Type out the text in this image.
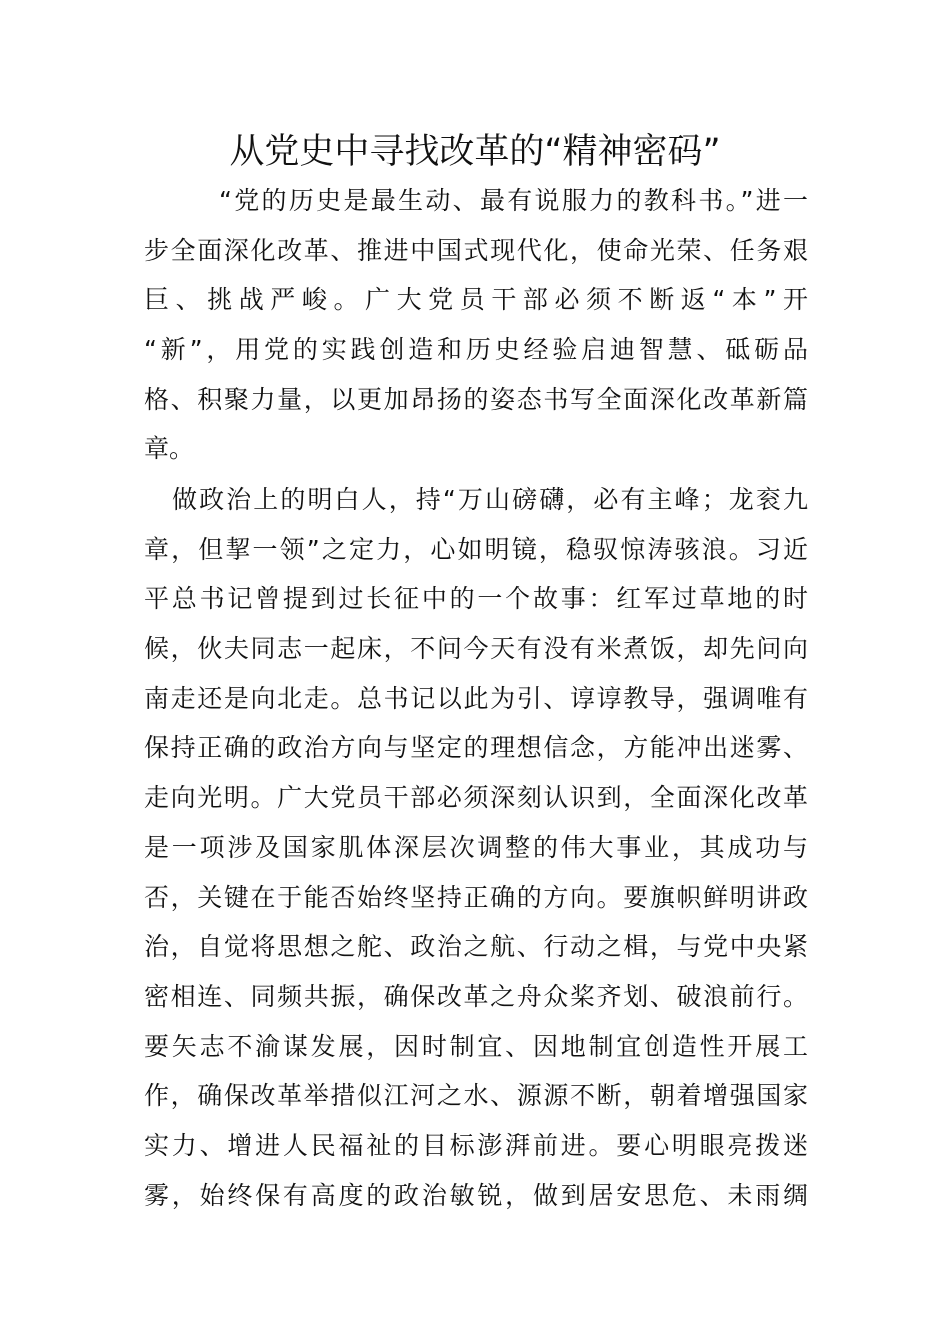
从党史中寻找改革的“精神密码”
“党的历史是最生动、最有说服力的教科书。”进一
步全面深化改革、推进中国式现代化，使命光荣、任务艰
巨、挑战严峻。广大党员干部必须不断返“本”开
“新”，用党的实践创造和历史经验启迪智慧、砥砺品
格、积聚力量，以更加昂扬的姿态书写全面深化改革新篇
章。
做政治上的明白人，持“万山磅礴，必有主峰；龙衮九
章，但挈一领”之定力，心如明镜，稳驭惊涛骇浪。习近
平总书记曾提到过长征中的一个故事：红军过草地的时
候，伙夫同志一起床，不问今天有没有米煮饭，却先问向
南走还是向北走。总书记以此为引、谆谆教导，强调唯有
保持正确的政治方向与坚定的理想信念，方能冲出迷雾、
走向光明。广大党员干部必须深刻认识到，全面深化改革
是一项涉及国家肌体深层次调整的伟大事业，其成功与
否，关键在于能否始终坚持正确的方向。要旗帜鲜明讲政
治，自觉将思想之舵、政治之航、行动之楫，与党中央紧
密相连、同频共振，确保改革之舟众桨齐划、破浪前行。
要矢志不渝谋发展，因时制宜、因地制宜创造性开展工
作，确保改革举措似江河之水、源源不断，朝着增强国家
实力、增进人民福祉的目标澎湃前进。要心明眼亮拨迷
雾，始终保有高度的政治敏锐，做到居安思危、未雨绸
